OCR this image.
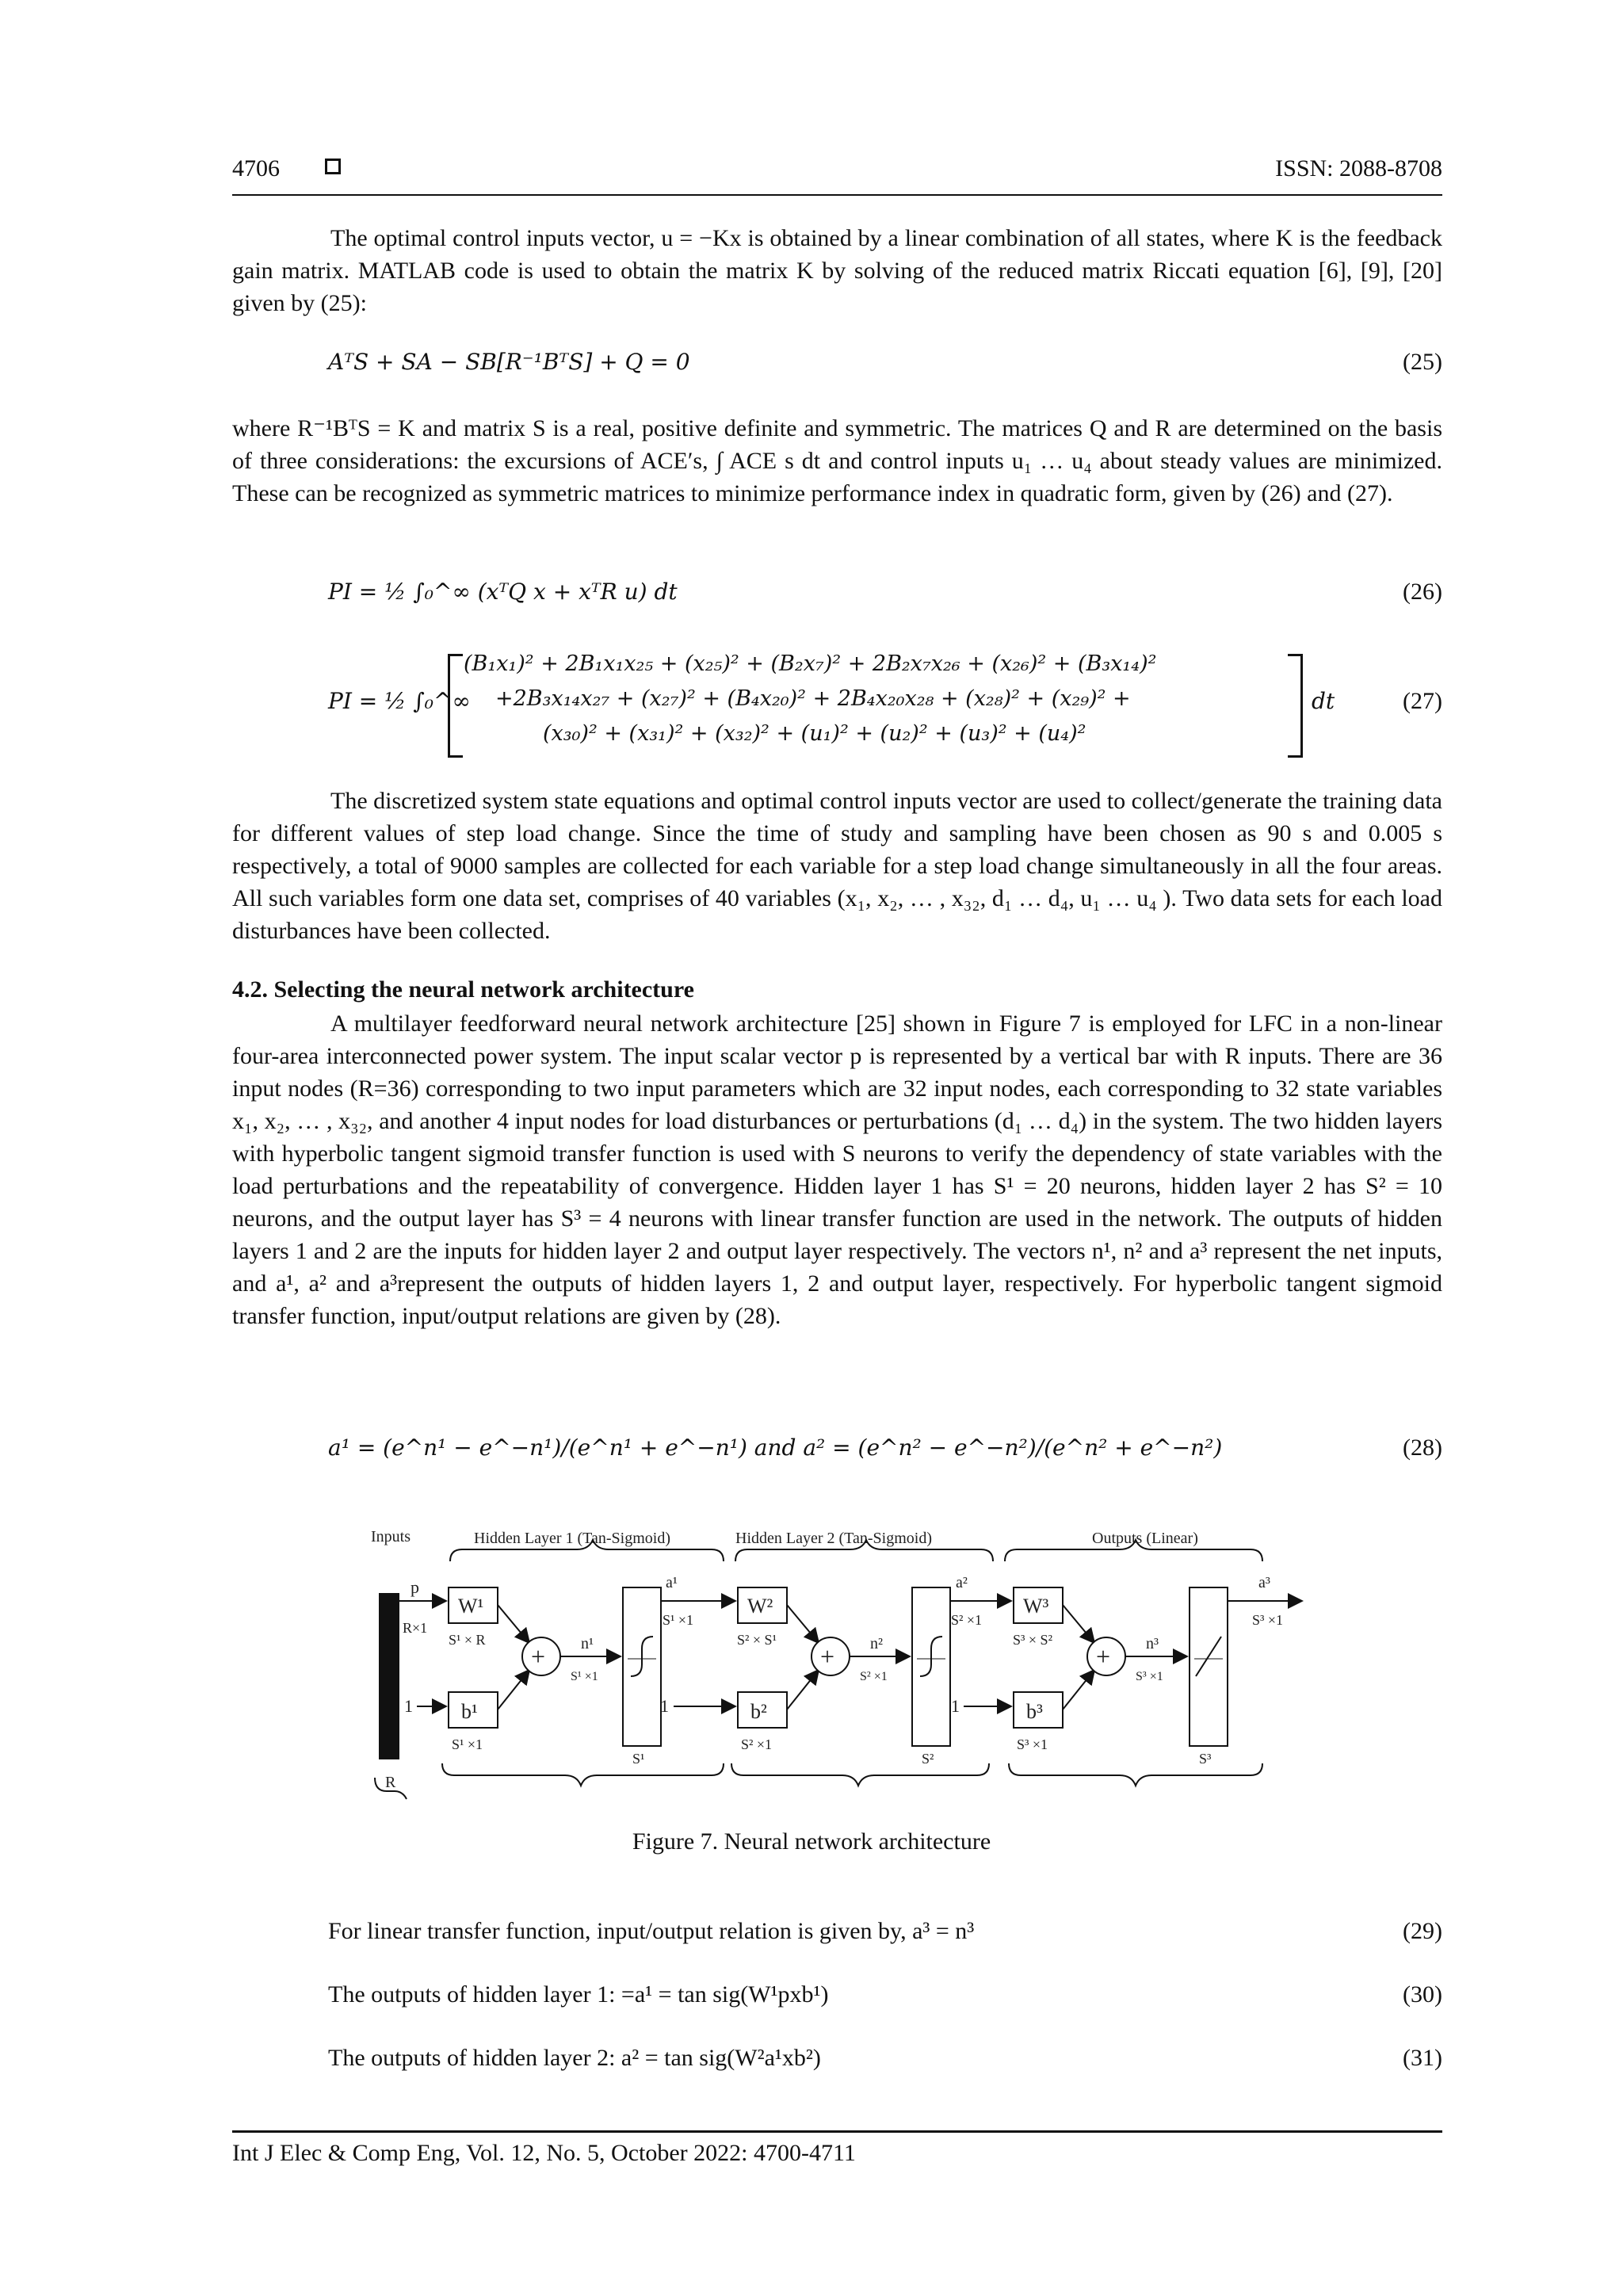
4706	ISSN: 2088-8708

The optimal control inputs vector, u = −Kx is obtained by a linear combination of all states, where K is the feedback gain matrix. MATLAB code is used to obtain the matrix K by solving of the reduced matrix Riccati equation [6], [9], [20] given by (25):

AᵀS + SA − SB[R⁻¹BᵀS] + Q = 0	(25)

where R⁻¹BᵀS = K and matrix S is a real, positive definite and symmetric. The matrices Q and R are determined on the basis of three considerations: the excursions of ACE′s, ∫ ACE s dt and control inputs u₁ … u₄ about steady values are minimized. These can be recognized as symmetric matrices to minimize performance index in quadratic form, given by (26) and (27).

PI = ½ ∫₀^∞ (xᵀQ x + xᵀR u) dt	(26)
PI = ½ ∫₀^∞
(B₁x₁)² + 2B₁x₁x₂₅ + (x₂₅)² + (B₂x₇)² + 2B₂x₇x₂₆ + (x₂₆)² + (B₃x₁₄)²
+2B₃x₁₄x₂₇ + (x₂₇)² + (B₄x₂₀)² + 2B₄x₂₀x₂₈ + (x₂₈)² + (x₂₉)² +
(x₃₀)² + (x₃₁)² + (x₃₂)² + (u₁)² + (u₂)² + (u₃)² + (u₄)²
dt	(27)

The discretized system state equations and optimal control inputs vector are used to collect/generate the training data for different values of step load change. Since the time of study and sampling have been chosen as 90 s and 0.005 s respectively, a total of 9000 samples are collected for each variable for a step load change simultaneously in all the four areas. All such variables form one data set, comprises of 40 variables (x₁, x₂, … , x₃₂, d₁ … d₄, u₁ … u₄ ). Two data sets for each load disturbances have been collected.

4.2. Selecting the neural network architecture

A multilayer feedforward neural network architecture [25] shown in Figure 7 is employed for LFC in a non-linear four-area interconnected power system. The input scalar vector p is represented by a vertical bar with R inputs. There are 36 input nodes (R=36) corresponding to two input parameters which are 32 input nodes, each corresponding to 32 state variables x₁, x₂, … , x₃₂, and another 4 input nodes for load disturbances or perturbations (d₁ … d₄) in the system. The two hidden layers with hyperbolic tangent sigmoid transfer function is used with S neurons to verify the dependency of state variables with the load perturbations and the repeatability of convergence. Hidden layer 1 has S¹ = 20 neurons, hidden layer 2 has S² = 10 neurons, and the output layer has S³ = 4 neurons with linear transfer function are used in the network. The outputs of hidden layers 1 and 2 are the inputs for hidden layer 2 and output layer respectively. The vectors n¹, n² and a³ represent the net inputs, and a¹, a² and a³represent the outputs of hidden layers 1, 2 and output layer, respectively. For hyperbolic tangent sigmoid transfer function, input/output relations are given by (28).

a¹ = (e^n¹ − e^−n¹)/(e^n¹ + e^−n¹) and a² = (e^n² − e^−n²)/(e^n² + e^−n²)	(28)
Inputs	Hidden Layer 1 (Tan-Sigmoid)	Hidden Layer 2 (Tan-Sigmoid)	Outputs (Linear)
p
R×1
1
R
W¹
S¹ × R
b¹
S¹ ×1
+ n¹
S¹ ×1
S¹
a¹
S¹ ×1
1
W²
S² × S¹
b²
S² ×1
+ n²
S² ×1
S²
a²
S² ×1
1
W³
S³ × S²
b³
S³ ×1
+ n³
S³ ×1
S³
a³
S³ ×1
Figure 7. Neural network architecture
For linear transfer function, input/output relation is given by, a³ = n³	(29)
The outputs of hidden layer 1: =a¹ = tan sig(W¹pxb¹)	(30)
The outputs of hidden layer 2: a² = tan sig(W²a¹xb²)	(31)
Int J Elec & Comp Eng, Vol. 12, No. 5, October 2022: 4700-4711
